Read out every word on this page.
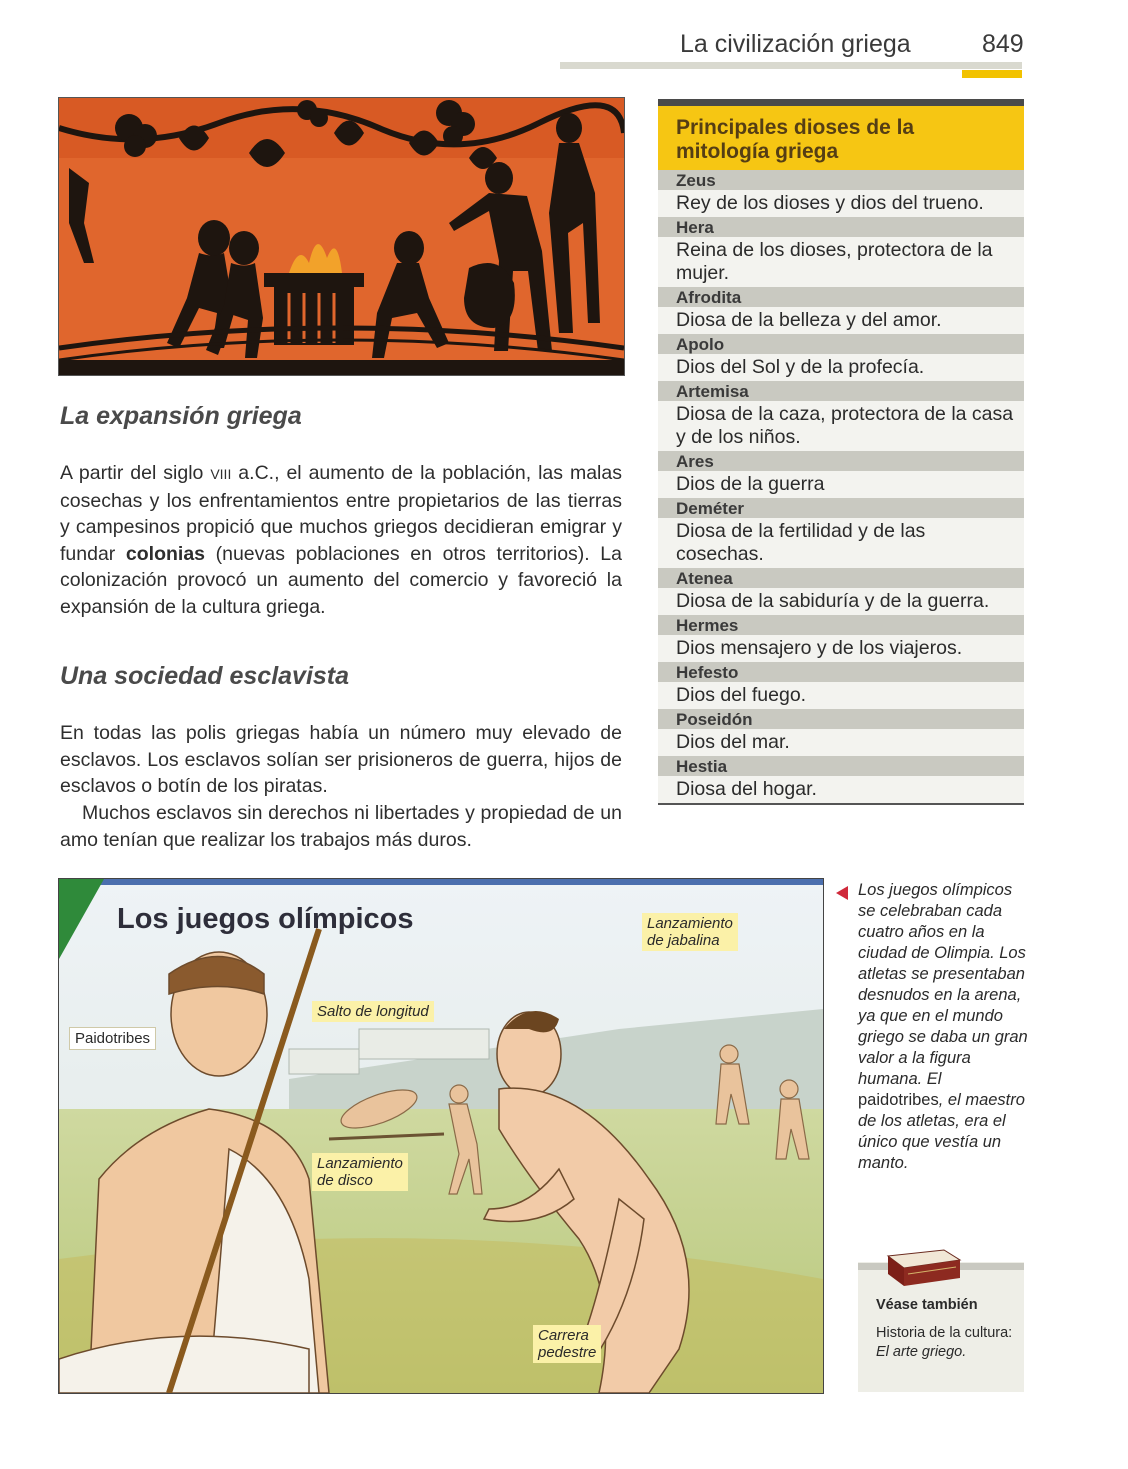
La civilización griega	849
La expansión griega
A partir del siglo VIII a.C., el aumento de la población, las malas cosechas y los enfrentamientos entre propietarios de las tierras y campesinos propició que muchos griegos decidieran emigrar y fundar colonias (nuevas poblaciones en otros territorios). La colonización provocó un aumento del comercio y favoreció la expansión de la cultura griega.
Una sociedad esclavista
En todas las polis griegas había un número muy elevado de esclavos. Los esclavos solían ser prisioneros de guerra, hijos de esclavos o botín de los piratas.
Muchos esclavos sin derechos ni libertades y propiedad de un amo tenían que realizar los trabajos más duros.
Principales dioses de la mitología griega
Zeus
Rey de los dioses y dios del trueno.
Hera
Reina de los dioses, protectora de la mujer.
Afrodita
Diosa de la belleza y del amor.
Apolo
Dios del Sol y de la profecía.
Artemisa
Diosa de la caza, protectora de la casa y de los niños.
Ares
Dios de la guerra
Deméter
Diosa de la fertilidad y de las cosechas.
Atenea
Diosa de la sabiduría y de la guerra.
Hermes
Dios mensajero y de los viajeros.
Hefesto
Dios del fuego.
Poseidón
Dios del mar.
Hestia
Diosa del hogar.
Los juegos olímpicos
Paidotribes
Salto de longitud
Lanzamiento
de jabalina
Lanzamiento
de disco
Carrera
pedestre
Los juegos olímpicos se celebraban cada cuatro años en la ciudad de Olimpia. Los atletas se presentaban desnudos en la arena, ya que en el mundo griego se daba un gran valor a la figura humana. El paidotribes, el maestro de los atletas, era el único que vestía un manto.
Véase también
Historia de la cultura: El arte griego.
